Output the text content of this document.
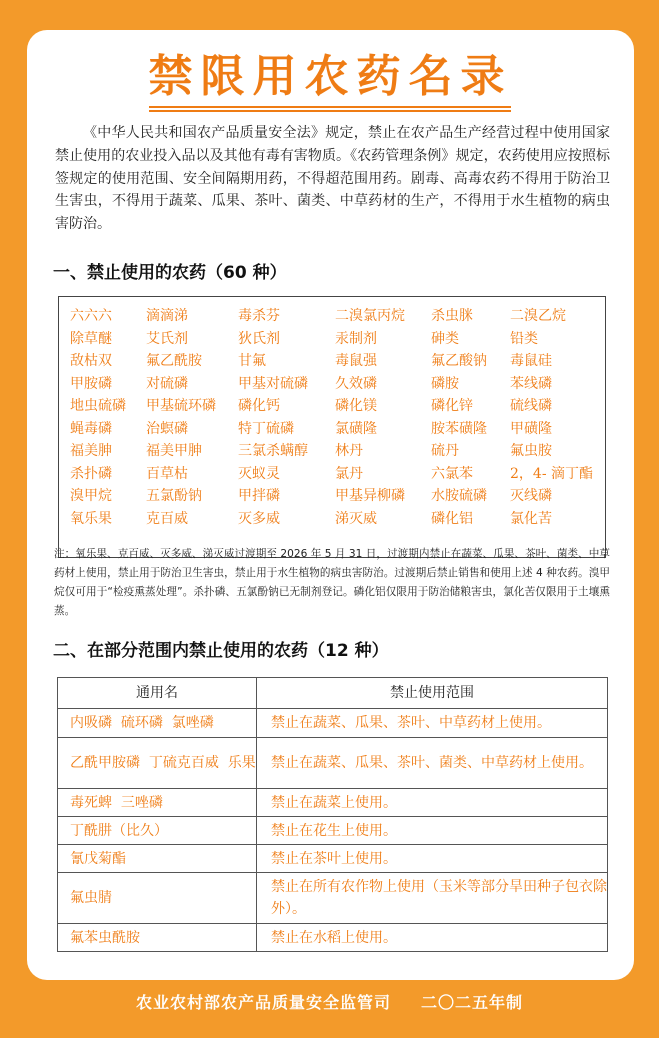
禁限用农药名录
《中华人民共和国农产品质量安全法》规定，禁止在农产品生产经营过程中使用国家禁止使用的农业投入品以及其他有毒有害物质。《农药管理条例》规定，农药使用应按照标签规定的使用范围、安全间隔期用药，不得超范围用药。剧毒、高毒农药不得用于防治卫生害虫，不得用于蔬菜、瓜果、茶叶、菌类、中草药材的生产，不得用于水生植物的病虫害防治。
一、禁止使用的农药（60 种）
六六六	滴滴涕	毒杀芬	二溴氯丙烷	杀虫脒	二溴乙烷
除草醚	艾氏剂	狄氏剂	汞制剂	砷类	铅类
敌枯双	氟乙酰胺	甘氟	毒鼠强	氟乙酸钠	毒鼠硅
甲胺磷	对硫磷	甲基对硫磷	久效磷	磷胺	苯线磷
地虫硫磷	甲基硫环磷	磷化钙	磷化镁	磷化锌	硫线磷
蝇毒磷	治螟磷	特丁硫磷	氯磺隆	胺苯磺隆	甲磺隆
福美胂	福美甲胂	三氯杀螨醇	林丹	硫丹	氟虫胺
杀扑磷	百草枯	灭蚁灵	氯丹	六氯苯	2，4- 滴丁酯
溴甲烷	五氯酚钠	甲拌磷	甲基异柳磷	水胺硫磷	灭线磷
氧乐果	克百威	灭多威	涕灭威	磷化铝	氯化苦
注：氧乐果、克百威、灭多威、涕灭威过渡期至 2026 年 5 月 31 日，过渡期内禁止在蔬菜、瓜果、茶叶、菌类、中草药材上使用，禁止用于防治卫生害虫，禁止用于水生植物的病虫害防治。过渡期后禁止销售和使用上述 4 种农药。溴甲烷仅可用于“检疫熏蒸处理”。杀扑磷、五氯酚钠已无制剂登记。磷化铝仅限用于防治储粮害虫，氯化苦仅限用于土壤熏蒸。
二、在部分范围内禁止使用的农药（12 种）
通用名	禁止使用范围
内吸磷  硫环磷  氯唑磷	禁止在蔬菜、瓜果、茶叶、中草药材上使用。
乙酰甲胺磷  丁硫克百威  乐果	禁止在蔬菜、瓜果、茶叶、菌类、中草药材上使用。
毒死蜱  三唑磷	禁止在蔬菜上使用。
丁酰肼（比久）	禁止在花生上使用。
氰戊菊酯	禁止在茶叶上使用。
氟虫腈	禁止在所有农作物上使用（玉米等部分旱田种子包衣除外）。
氟苯虫酰胺	禁止在水稻上使用。
农业农村部农产品质量安全监管司 二〇二五年制
